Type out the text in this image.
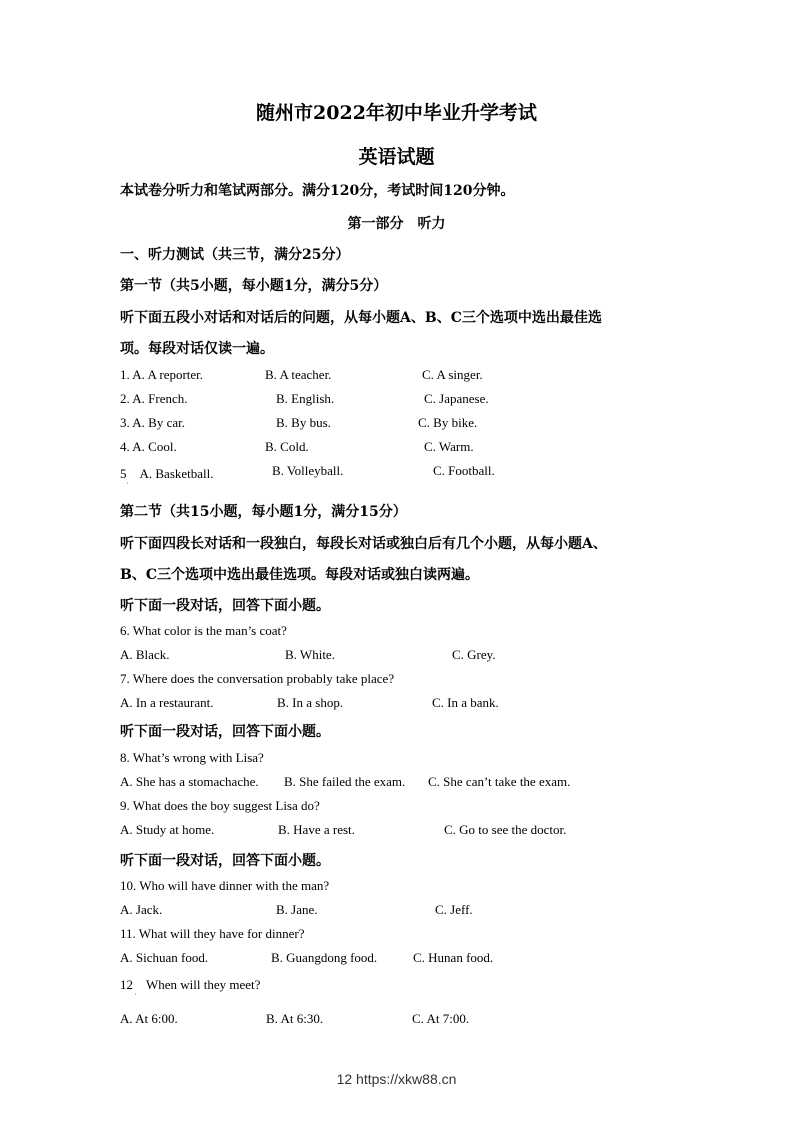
随州市2022年初中毕业升学考试
英语试题
本试卷分听力和笔试两部分。满分120分，考试时间120分钟。
第一部分　听力
一、听力测试（共三节，满分25分）
第一节（共5小题，每小题1分，满分5分）
听下面五段小对话和对话后的问题，从每小题A、B、C三个选项中选出最佳选
项。每段对话仅读一遍。
1. A. A reporter.	B. A teacher.	C. A singer.
2. A. French.	B. English.	C. Japanese.
3. A. By car.	B. By bus.	C. By bike.
4. A. Cool.	B. Cold.	C. Warm.
5　A. Basketball.	B. Volleyball.	C. Football.
·
第二节（共15小题，每小题1分，满分15分）
听下面四段长对话和一段独白，每段长对话或独白后有几个小题，从每小题A、
B、C三个选项中选出最佳选项。每段对话或独白读两遍。
听下面一段对话，回答下面小题。
6. What color is the man’s coat?
A. Black.	B. White.	C. Grey.
7. Where does the conversation probably take place?
A. In a restaurant.	B. In a shop.	C. In a bank.
听下面一段对话，回答下面小题。
8. What’s wrong with Lisa?
A. She has a stomachache. B. She failed the exam. C. She can’t take the exam.
9. What does the boy suggest Lisa do?
A. Study at home.	B. Have a rest.	C. Go to see the doctor.
听下面一段对话，回答下面小题。
10. Who will have dinner with the man?
A. Jack.	B. Jane.	C. Jeff.
11. What will they have for dinner?
A. Sichuan food.	B. Guangdong food.	C. Hunan food.
12　When will they meet?
·
A. At 6:00.	B. At 6:30.	C. At 7:00.
12 https://xkw88.cn
